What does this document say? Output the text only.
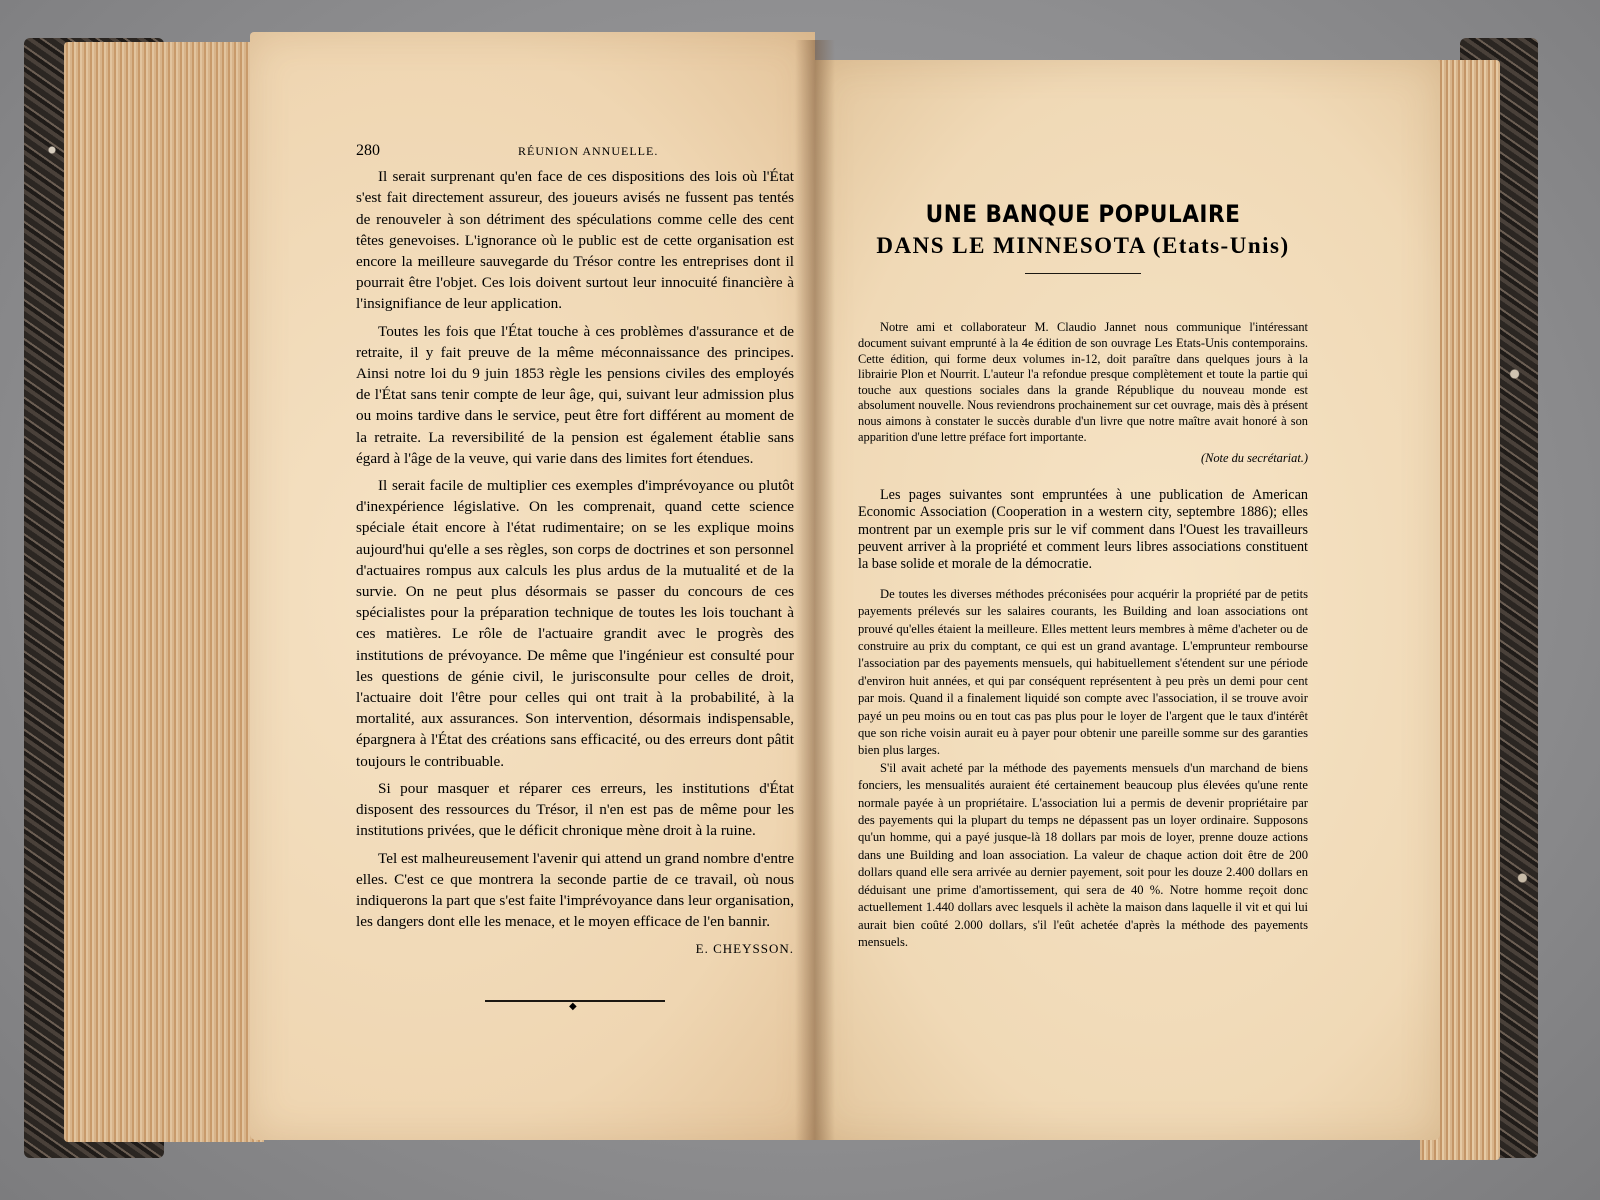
280	RÉUNION ANNUELLE.

Il serait surprenant qu'en face de ces dispositions des lois où l'État s'est fait directement assureur, des joueurs avisés ne fussent pas tentés de renouveler à son détriment des spéculations comme celle des cent têtes genevoises. L'ignorance où le public est de cette organisation est encore la meilleure sauvegarde du Trésor contre les entreprises dont il pourrait être l'objet. Ces lois doivent surtout leur innocuité financière à l'insignifiance de leur application.

Toutes les fois que l'État touche à ces problèmes d'assurance et de retraite, il y fait preuve de la même méconnaissance des principes. Ainsi notre loi du 9 juin 1853 règle les pensions civiles des employés de l'État sans tenir compte de leur âge, qui, suivant leur admission plus ou moins tardive dans le service, peut être fort différent au moment de la retraite. La reversibilité de la pension est également établie sans égard à l'âge de la veuve, qui varie dans des limites fort étendues.

Il serait facile de multiplier ces exemples d'imprévoyance ou plutôt d'inexpérience législative. On les comprenait, quand cette science spéciale était encore à l'état rudimentaire; on se les explique moins aujourd'hui qu'elle a ses règles, son corps de doctrines et son personnel d'actuaires rompus aux calculs les plus ardus de la mutualité et de la survie. On ne peut plus désormais se passer du concours de ces spécialistes pour la préparation technique de toutes les lois touchant à ces matières. Le rôle de l'actuaire grandit avec le progrès des institutions de prévoyance. De même que l'ingénieur est consulté pour les questions de génie civil, le jurisconsulte pour celles de droit, l'actuaire doit l'être pour celles qui ont trait à la probabilité, à la mortalité, aux assurances. Son intervention, désormais indispensable, épargnera à l'État des créations sans efficacité, ou des erreurs dont pâtit toujours le contribuable.

Si pour masquer et réparer ces erreurs, les institutions d'État disposent des ressources du Trésor, il n'en est pas de même pour les institutions privées, que le déficit chronique mène droit à la ruine.

Tel est malheureusement l'avenir qui attend un grand nombre d'entre elles. C'est ce que montrera la seconde partie de ce travail, où nous indiquerons la part que s'est faite l'imprévoyance dans leur organisation, les dangers dont elle les menace, et le moyen efficace de l'en bannir.

E. CHEYSSON.
◆
UNE BANQUE POPULAIRE
DANS LE MINNESOTA (Etats-Unis)

Notre ami et collaborateur M. Claudio Jannet nous communique l'intéressant document suivant emprunté à la 4e édition de son ouvrage Les Etats-Unis contemporains. Cette édition, qui forme deux volumes in-12, doit paraître dans quelques jours à la librairie Plon et Nourrit. L'auteur l'a refondue presque complètement et toute la partie qui touche aux questions sociales dans la grande République du nouveau monde est absolument nouvelle. Nous reviendrons prochainement sur cet ouvrage, mais dès à présent nous aimons à constater le succès durable d'un livre que notre maître avait honoré à son apparition d'une lettre préface fort importante.

(Note du secrétariat.)

Les pages suivantes sont empruntées à une publication de American Economic Association (Cooperation in a western city, septembre 1886); elles montrent par un exemple pris sur le vif comment dans l'Ouest les travailleurs peuvent arriver à la propriété et comment leurs libres associations constituent la base solide et morale de la démocratie.

De toutes les diverses méthodes préconisées pour acquérir la propriété par de petits payements prélevés sur les salaires courants, les Building and loan associations ont prouvé qu'elles étaient la meilleure. Elles mettent leurs membres à même d'acheter ou de construire au prix du comptant, ce qui est un grand avantage. L'emprunteur rembourse l'association par des payements mensuels, qui habituellement s'étendent sur une période d'environ huit années, et qui par conséquent représentent à peu près un demi pour cent par mois. Quand il a finalement liquidé son compte avec l'association, il se trouve avoir payé un peu moins ou en tout cas pas plus pour le loyer de l'argent que le taux d'intérêt que son riche voisin aurait eu à payer pour obtenir une pareille somme sur des garanties bien plus larges.

S'il avait acheté par la méthode des payements mensuels d'un marchand de biens fonciers, les mensualités auraient été certainement beaucoup plus élevées qu'une rente normale payée à un propriétaire. L'association lui a permis de devenir propriétaire par des payements qui la plupart du temps ne dépassent pas un loyer ordinaire. Supposons qu'un homme, qui a payé jusque-là 18 dollars par mois de loyer, prenne douze actions dans une Building and loan association. La valeur de chaque action doit être de 200 dollars quand elle sera arrivée au dernier payement, soit pour les douze 2.400 dollars en déduisant une prime d'amortissement, qui sera de 40 %. Notre homme reçoit donc actuellement 1.440 dollars avec lesquels il achète la maison dans laquelle il vit et qui lui aurait bien coûté 2.000 dollars, s'il l'eût achetée d'après la méthode des payements mensuels.
